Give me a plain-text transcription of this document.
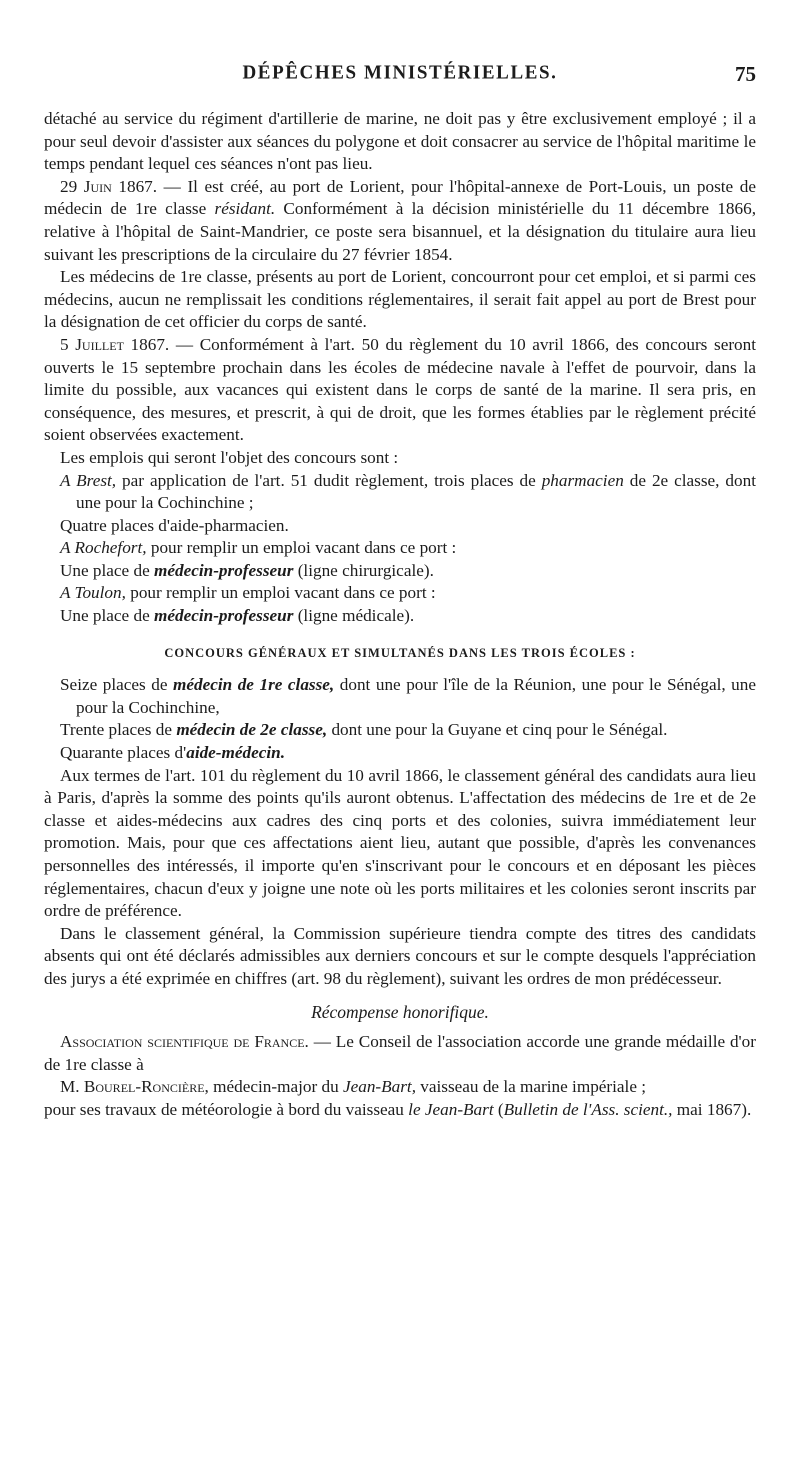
DÉPÊCHES MINISTÉRIELLES.	75

détaché au service du régiment d'artillerie de marine, ne doit pas y être exclusivement employé ; il a pour seul devoir d'assister aux séances du polygone et doit consacrer au service de l'hôpital maritime le temps pendant lequel ces séances n'ont pas lieu.

29 Juin 1867. — Il est créé, au port de Lorient, pour l'hôpital-annexe de Port-Louis, un poste de médecin de 1re classe résidant. Conformément à la décision ministérielle du 11 décembre 1866, relative à l'hôpital de Saint-Mandrier, ce poste sera bisannuel, et la désignation du titulaire aura lieu suivant les prescriptions de la circulaire du 27 février 1854.

Les médecins de 1re classe, présents au port de Lorient, concourront pour cet emploi, et si parmi ces médecins, aucun ne remplissait les conditions réglementaires, il serait fait appel au port de Brest pour la désignation de cet officier du corps de santé.

5 Juillet 1867. — Conformément à l'art. 50 du règlement du 10 avril 1866, des concours seront ouverts le 15 septembre prochain dans les écoles de médecine navale à l'effet de pourvoir, dans la limite du possible, aux vacances qui existent dans le corps de santé de la marine. Il sera pris, en conséquence, des mesures, et prescrit, à qui de droit, que les formes établies par le règlement précité soient observées exactement.

Les emplois qui seront l'objet des concours sont :

A Brest, par application de l'art. 51 dudit règlement, trois places de pharmacien de 2e classe, dont une pour la Cochinchine ;

Quatre places d'aide-pharmacien.

A Rochefort, pour remplir un emploi vacant dans ce port :

Une place de médecin-professeur (ligne chirurgicale).

A Toulon, pour remplir un emploi vacant dans ce port :

Une place de médecin-professeur (ligne médicale).

CONCOURS GÉNÉRAUX ET SIMULTANÉS DANS LES TROIS ÉCOLES :

Seize places de médecin de 1re classe, dont une pour l'île de la Réunion, une pour le Sénégal, une pour la Cochinchine,

Trente places de médecin de 2e classe, dont une pour la Guyane et cinq pour le Sénégal.

Quarante places d'aide-médecin.

Aux termes de l'art. 101 du règlement du 10 avril 1866, le classement général des candidats aura lieu à Paris, d'après la somme des points qu'ils auront obtenus. L'affectation des médecins de 1re et de 2e classe et aides-médecins aux cadres des cinq ports et des colonies, suivra immédiatement leur promotion. Mais, pour que ces affectations aient lieu, autant que possible, d'après les convenances personnelles des intéressés, il importe qu'en s'inscrivant pour le concours et en déposant les pièces réglementaires, chacun d'eux y joigne une note où les ports militaires et les colonies seront inscrits par ordre de préférence.

Dans le classement général, la Commission supérieure tiendra compte des titres des candidats absents qui ont été déclarés admissibles aux derniers concours et sur le compte desquels l'appréciation des jurys a été exprimée en chiffres (art. 98 du règlement), suivant les ordres de mon prédécesseur.

Récompense honorifique.

Association scientifique de France. — Le Conseil de l'association accorde une grande médaille d'or de 1re classe à

M. Bourel-Roncière, médecin-major du Jean-Bart, vaisseau de la marine impériale ;

pour ses travaux de météorologie à bord du vaisseau le Jean-Bart (Bulletin de l'Ass. scient., mai 1867).
